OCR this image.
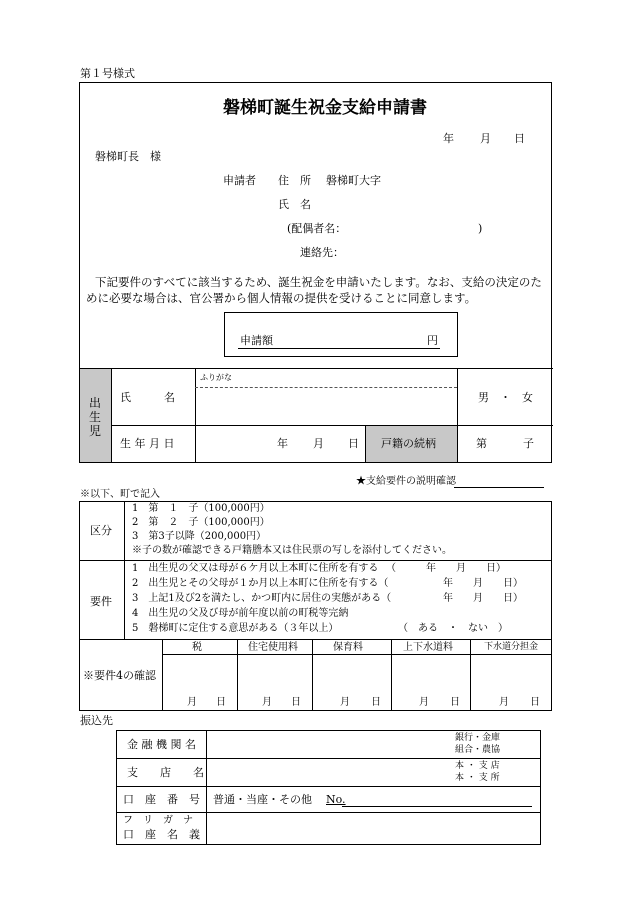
第１号様式
磐梯町誕生祝金支給申請書
年 月 日
磐梯町長　様
申請者 住　所 磐梯町大字
氏　名
(配偶者名：	)
連絡先：
下記要件のすべてに該当するため、誕生祝金を申請いたします。なお、支給の決定のた
めに必要な場合は、官公署から個人情報の提供を受けることに同意します。
申請額	円
出
生
児
氏　　　名
ふりがな
男　・　女
生 年 月 日	年 月 日 戸籍の続柄	第	子
★支給要件の説明確認
※以下、町で記入
区分
1　第　１　子（100,000円）
2　第　２　子（100,000円）
3　第3子以降（200,000円）
※子の数が確認できる戸籍謄本又は住民票の写しを添付してください。
要件
1　出生児の父又は母が６ケ月以上本町に住所を有する （　　　年　　月　　日）
2　出生児とその父母が１か月以上本町に住所を有する（	年　　月　　日）
3　上記1及び2を満たし、かつ町内に居住の実態がある（	年　　月　　日）
4　出生児の父及び母が前年度以前の町税等完納
5　磐梯町に定住する意思がある（３年以上）	（　ある　・　ない　）
※要件4の確認
税	住宅使用料	保育料	上下水道料	下水道分担金
月 日	月 日	月 日	月 日	月 日
振込先
金 融 機 関 名	銀行・金庫
組合・農協
支　　店　　名	本 ・ 支 店
本 ・ 支 所
口　座　番　号 普通・当座・その他 No.
フ　リ　ガ　ナ
口　座　名　義
